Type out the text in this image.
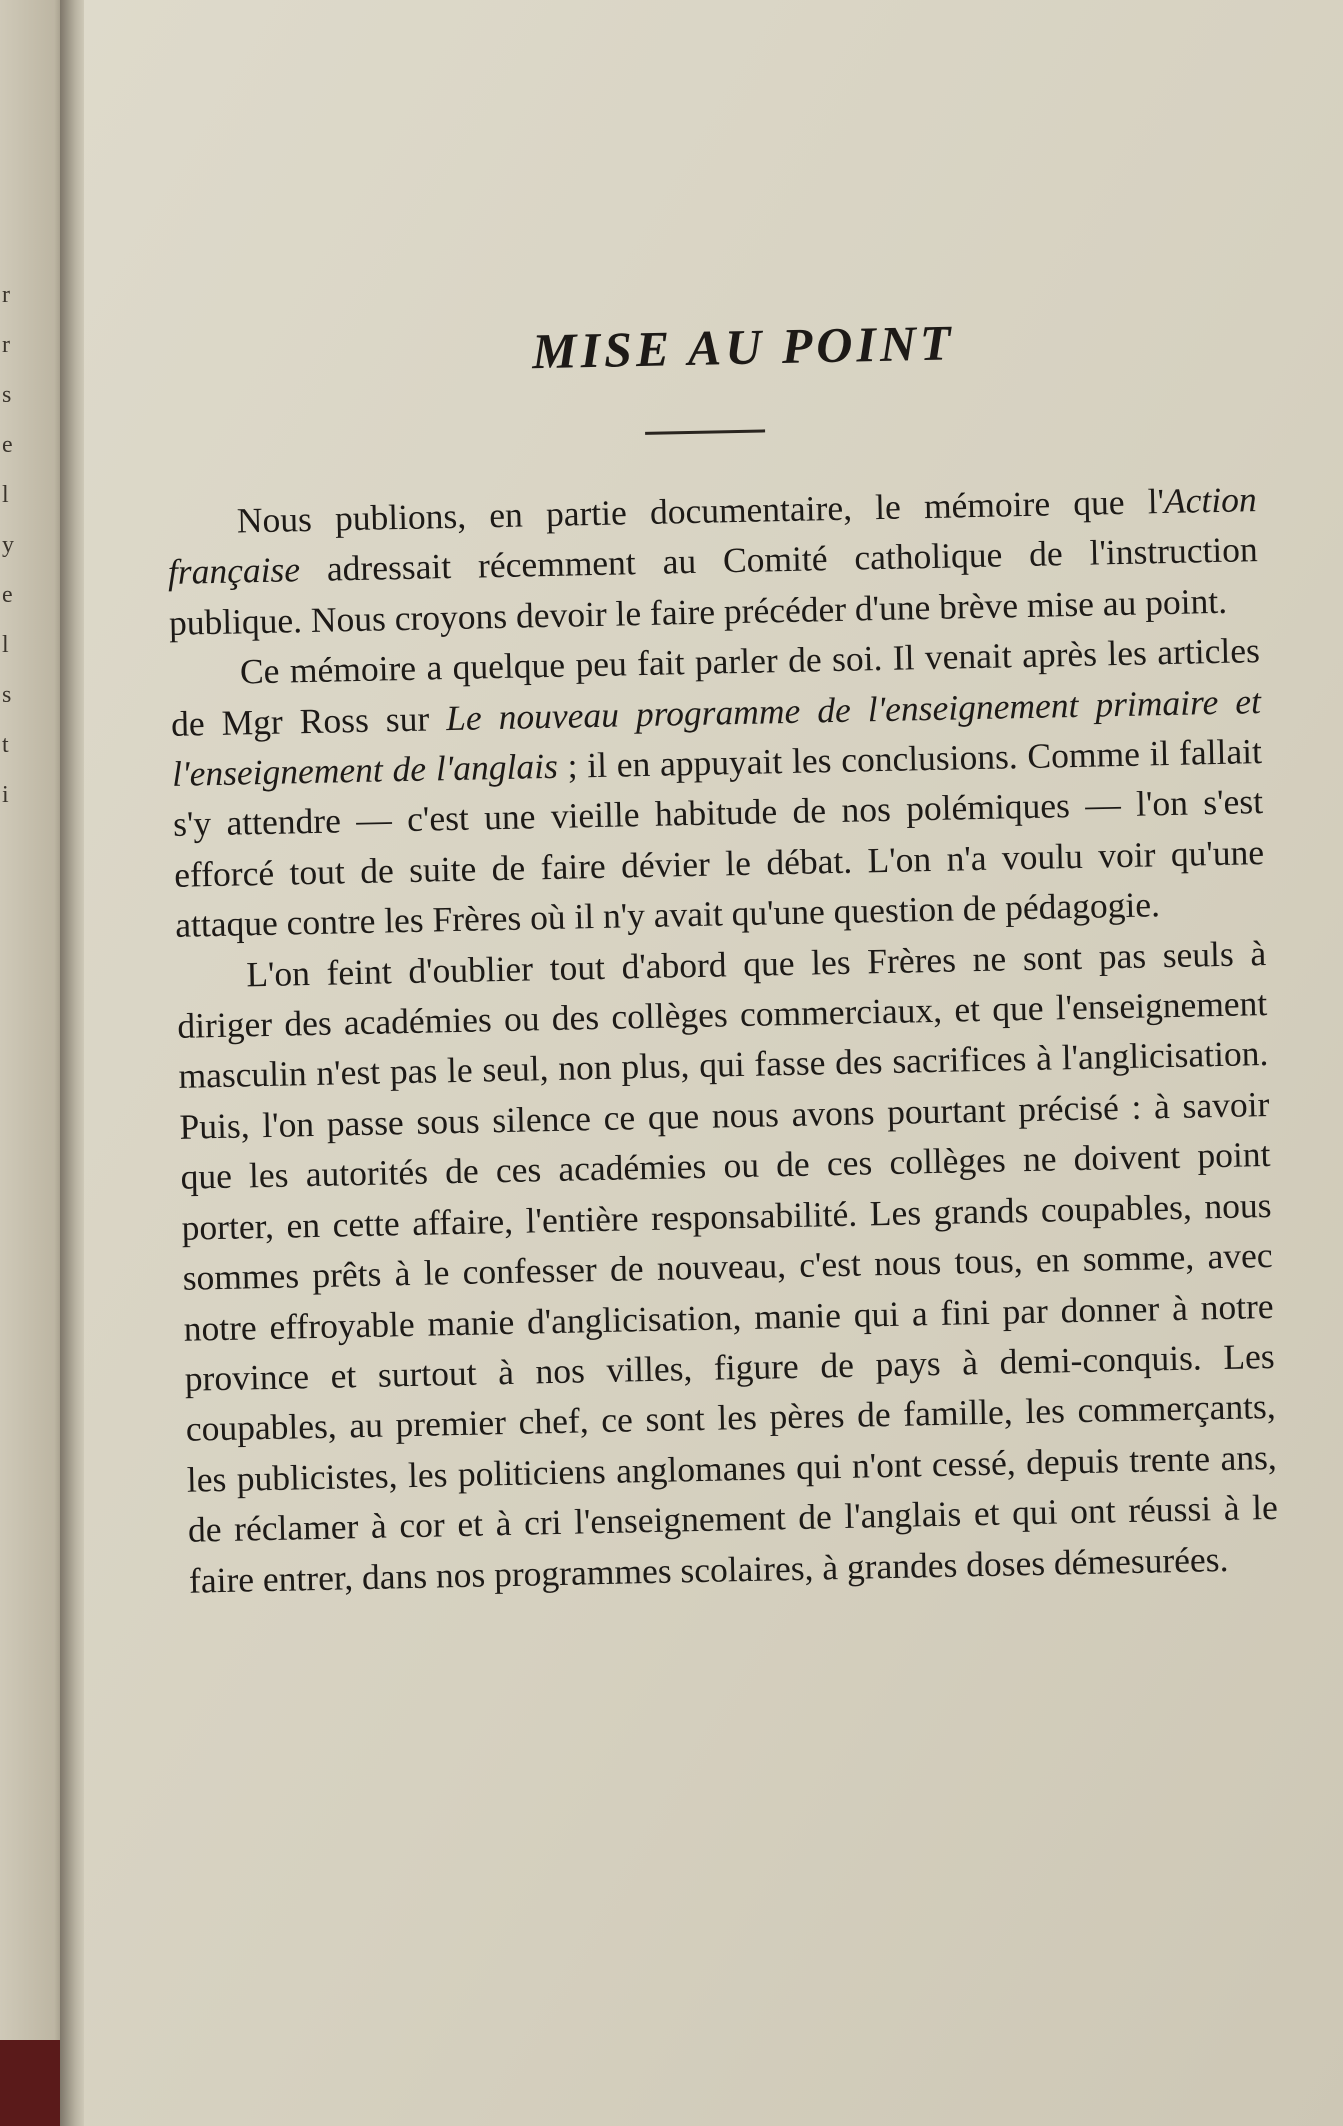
r
r
s
e
l
y
e
l
s
t
i
MISE AU POINT

Nous publions, en partie documentaire, le mémoire que l'Action française adressait récemment au Comité catholique de l'instruction publique. Nous croyons devoir le faire précéder d'une brève mise au point.

Ce mémoire a quelque peu fait parler de soi. Il venait après les articles de Mgr Ross sur Le nouveau programme de l'enseignement primaire et l'enseignement de l'anglais ; il en appuyait les conclusions. Comme il fallait s'y attendre — c'est une vieille habitude de nos polémiques — l'on s'est efforcé tout de suite de faire dévier le débat. L'on n'a voulu voir qu'une attaque contre les Frères où il n'y avait qu'une question de pédagogie.

L'on feint d'oublier tout d'abord que les Frères ne sont pas seuls à diriger des académies ou des collèges commerciaux, et que l'enseignement masculin n'est pas le seul, non plus, qui fasse des sacrifices à l'anglicisation. Puis, l'on passe sous silence ce que nous avons pourtant précisé : à savoir que les autorités de ces académies ou de ces collèges ne doivent point porter, en cette affaire, l'entière responsabilité. Les grands coupables, nous sommes prêts à le confesser de nouveau, c'est nous tous, en somme, avec notre effroyable manie d'anglicisation, manie qui a fini par donner à notre province et surtout à nos villes, figure de pays à demi-conquis. Les coupables, au premier chef, ce sont les pères de famille, les commerçants, les publicistes, les politiciens anglomanes qui n'ont cessé, depuis trente ans, de réclamer à cor et à cri l'enseignement de l'anglais et qui ont réussi à le faire entrer, dans nos programmes scolaires, à grandes doses démesurées.
